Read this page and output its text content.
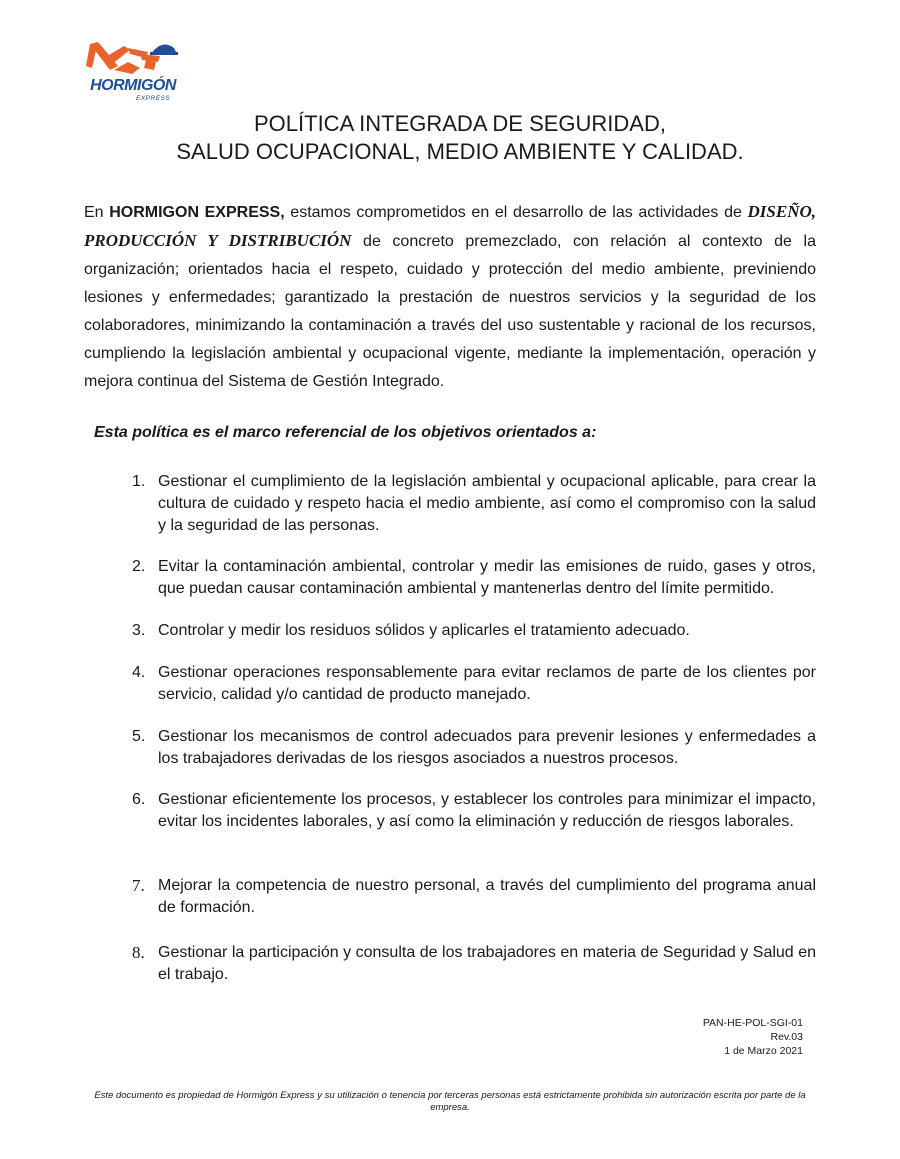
HORMIGÓN
EXPRESS
POLÍTICA INTEGRADA DE SEGURIDAD,
SALUD OCUPACIONAL, MEDIO AMBIENTE Y CALIDAD.
En HORMIGON EXPRESS, estamos comprometidos en el desarrollo de las actividades de DISEÑO, PRODUCCIÓN Y DISTRIBUCIÓN de concreto premezclado, con relación al contexto de la organización; orientados hacia el respeto, cuidado y protección del medio ambiente, previniendo lesiones y enfermedades; garantizado la prestación de nuestros servicios y la seguridad de los colaboradores, minimizando la contaminación a través del uso sustentable y racional de los recursos, cumpliendo la legislación ambiental y ocupacional vigente, mediante la implementación, operación y mejora continua del Sistema de Gestión Integrado.
Esta política es el marco referencial de los objetivos orientados a:
1. Gestionar el cumplimiento de la legislación ambiental y ocupacional aplicable, para crear la cultura de cuidado y respeto hacia el medio ambiente, así como el compromiso con la salud y la seguridad de las personas.
2. Evitar la contaminación ambiental, controlar y medir las emisiones de ruido, gases y otros, que puedan causar contaminación ambiental y mantenerlas dentro del límite permitido.
3. Controlar y medir los residuos sólidos y aplicarles el tratamiento adecuado.
4. Gestionar operaciones responsablemente para evitar reclamos de parte de los clientes por servicio, calidad y/o cantidad de producto manejado.
5. Gestionar los mecanismos de control adecuados para prevenir lesiones y enfermedades a los trabajadores derivadas de los riesgos asociados a nuestros procesos.
6. Gestionar eficientemente los procesos, y establecer los controles para minimizar el impacto, evitar los incidentes laborales, y así como la eliminación y reducción de riesgos laborales.
7. Mejorar la competencia de nuestro personal, a través del cumplimiento del programa anual de formación.
8. Gestionar la participación y consulta de los trabajadores en materia de Seguridad y Salud en el trabajo.
PAN-HE-POL-SGI-01
Rev.03
1 de Marzo 2021
Este documento es propiedad de Hormigón Express y su utilización o tenencia por terceras personas está estrictamente prohibida sin autorización escrita por parte de la empresa.
